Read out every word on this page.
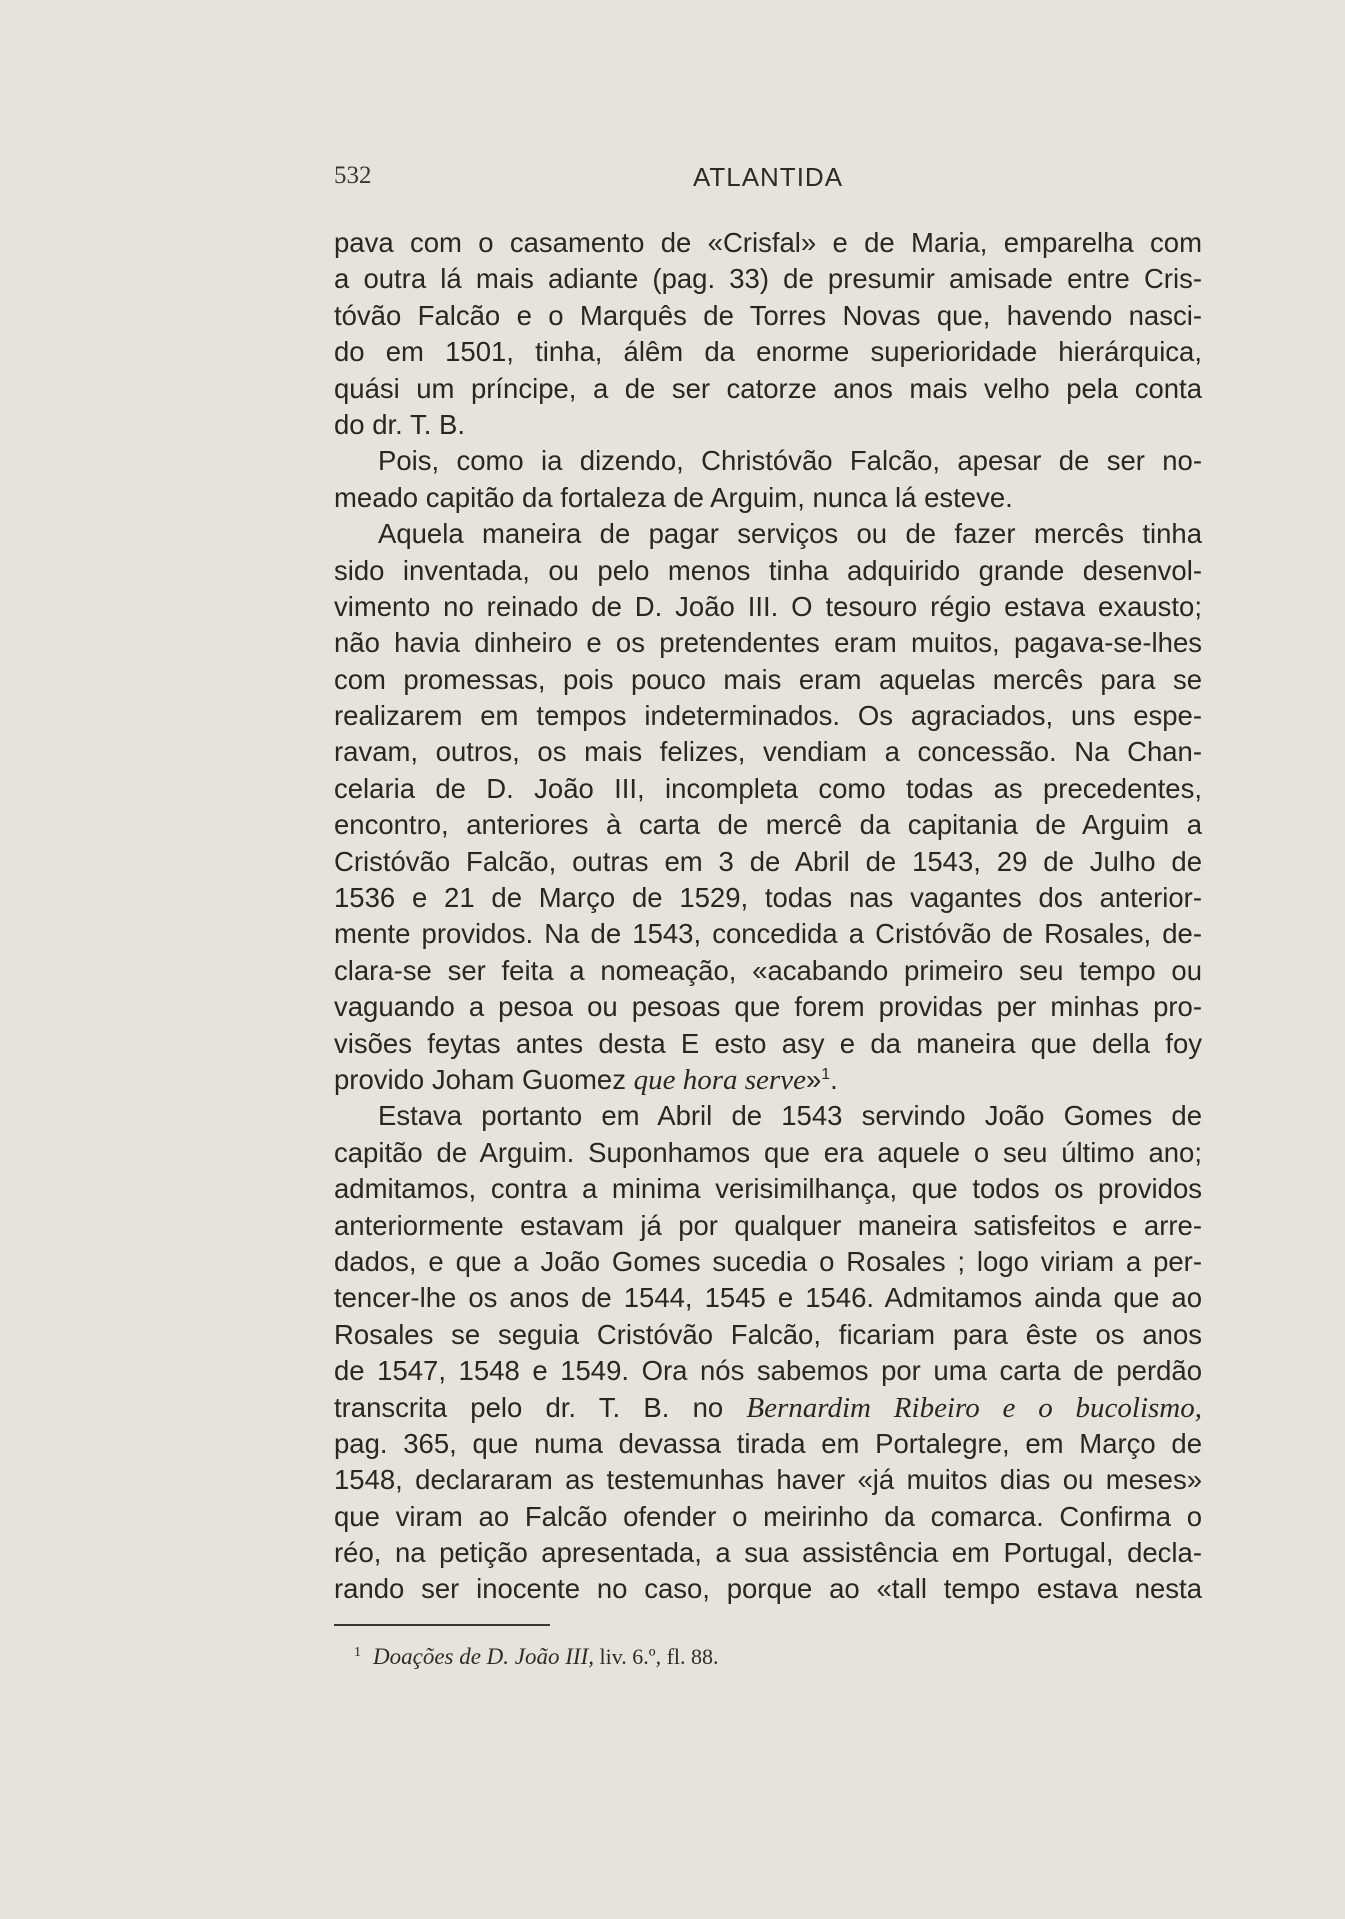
532	ATLANTIDA
pava com o casamento de «Crisfal» e de Maria, emparelha com
a outra lá mais adiante (pag. 33) de presumir amisade entre Cris-
tóvão Falcão e o Marquês de Torres Novas que, havendo nasci-
do em 1501, tinha, álêm da enorme superioridade hierárquica,
quási um príncipe, a de ser catorze anos mais velho pela conta
do dr. T. B.
Pois, como ia dizendo, Christóvão Falcão, apesar de ser no-
meado capitão da fortaleza de Arguim, nunca lá esteve.
Aquela maneira de pagar serviços ou de fazer mercês tinha
sido inventada, ou pelo menos tinha adquirido grande desenvol-
vimento no reinado de D. João III. O tesouro régio estava exausto;
não havia dinheiro e os pretendentes eram muitos, pagava-se-lhes
com promessas, pois pouco mais eram aquelas mercês para se
realizarem em tempos indeterminados. Os agraciados, uns espe-
ravam, outros, os mais felizes, vendiam a concessão. Na Chan-
celaria de D. João III, incompleta como todas as precedentes,
encontro, anteriores à carta de mercê da capitania de Arguim a
Cristóvão Falcão, outras em 3 de Abril de 1543, 29 de Julho de
1536 e 21 de Março de 1529, todas nas vagantes dos anterior-
mente providos. Na de 1543, concedida a Cristóvão de Rosales, de-
clara-se ser feita a nomeação, «acabando primeiro seu tempo ou
vaguando a pesoa ou pesoas que forem providas per minhas pro-
visões feytas antes desta E esto asy e da maneira que della foy
provido Joham Guomez que hora serve»$^1$.
Estava portanto em Abril de 1543 servindo João Gomes de
capitão de Arguim. Suponhamos que era aquele o seu último ano;
admitamos, contra a minima verisimilhança, que todos os providos
anteriormente estavam já por qualquer maneira satisfeitos e arre-
dados, e que a João Gomes sucedia o Rosales ; logo viriam a per-
tencer-lhe os anos de 1544, 1545 e 1546. Admitamos ainda que ao
Rosales se seguia Cristóvão Falcão, ficariam para êste os anos
de 1547, 1548 e 1549. Ora nós sabemos por uma carta de perdão
transcrita pelo dr. T. B. no Bernardim Ribeiro e o bucolismo,
pag. 365, que numa devassa tirada em Portalegre, em Março de
1548, declararam as testemunhas haver «já muitos dias ou meses»
que viram ao Falcão ofender o meirinho da comarca. Confirma o
réo, na petição apresentada, a sua assistência em Portugal, decla-
rando ser inocente no caso, porque ao «tall tempo estava nesta
$^1$ Doações de D. João III, liv. 6.º, fl. 88.
